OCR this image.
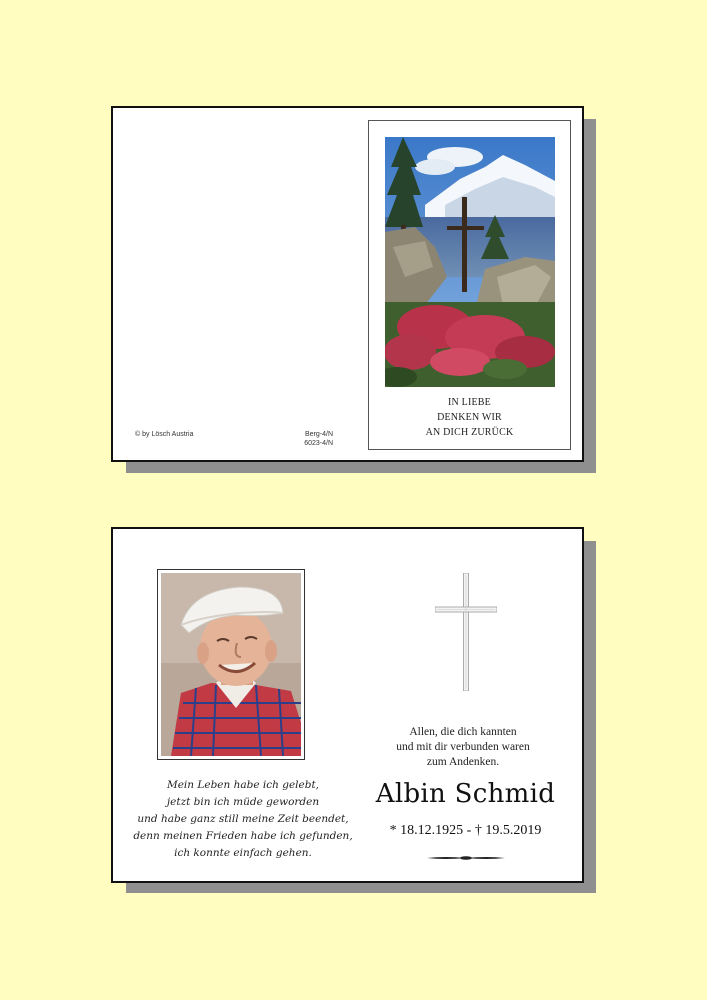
© by Lösch Austria	Berg-4/N
6023-4/N
IN LIEBE
DENKEN WIR
AN DICH ZURÜCK
Mein Leben habe ich gelebt,
jetzt bin ich müde geworden
und habe ganz still meine Zeit beendet,
denn meinen Frieden habe ich gefunden,
ich konnte einfach gehen.
Allen, die dich kannten
und mit dir verbunden waren
zum Andenken.
Albin Schmid
* 18.12.1925 - † 19.5.2019
